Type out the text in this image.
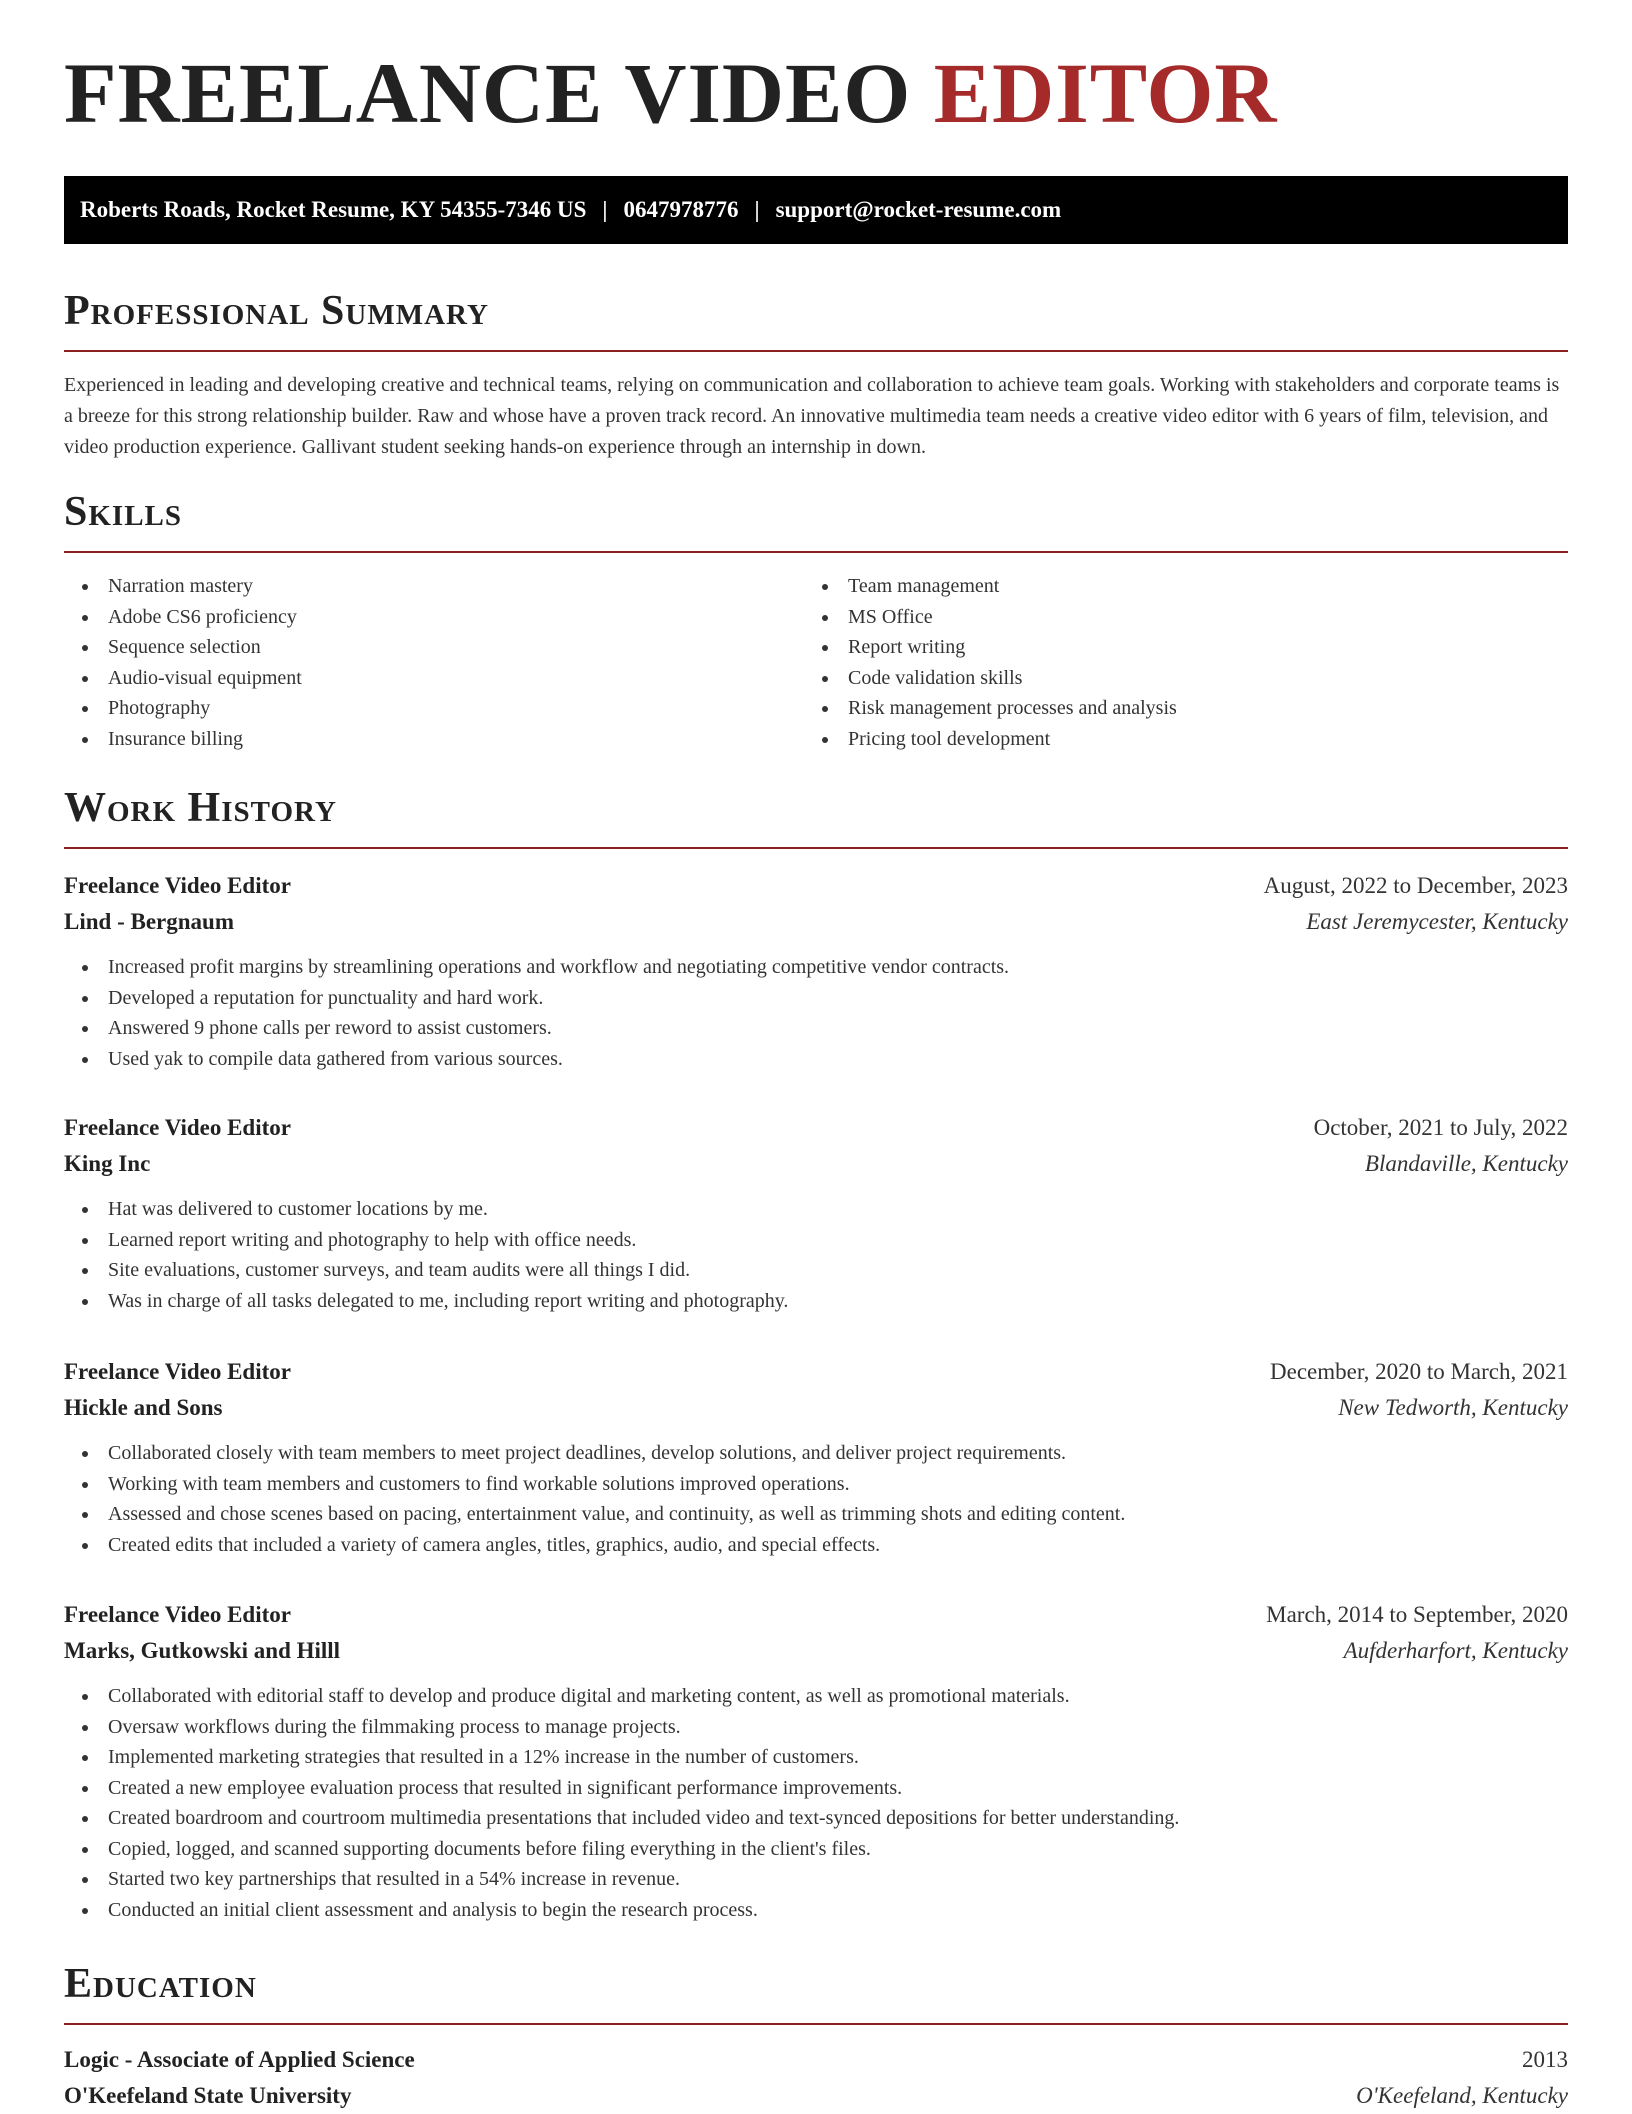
FREELANCE VIDEO EDITOR
Roberts Roads, Rocket Resume, KY 54355-7346 US | 0647978776 | support@rocket-resume.com
Professional Summary

Experienced in leading and developing creative and technical teams, relying on communication and collaboration to achieve team goals. Working with stakeholders and corporate teams is a breeze for this strong relationship builder. Raw and whose have a proven track record. An innovative multimedia team needs a creative video editor with 6 years of film, television, and video production experience. Gallivant student seeking hands-on experience through an internship in down.

Skills
Narration mastery
Adobe CS6 proficiency
Sequence selection
Audio-visual equipment
Photography
Insurance billing
Team management
MS Office
Report writing
Code validation skills
Risk management processes and analysis
Pricing tool development
Work History
Freelance Video Editor	August, 2022 to December, 2023
Lind - Bergnaum	East Jeremycester, Kentucky
Increased profit margins by streamlining operations and workflow and negotiating competitive vendor contracts.
Developed a reputation for punctuality and hard work.
Answered 9 phone calls per reword to assist customers.
Used yak to compile data gathered from various sources.
Freelance Video Editor	October, 2021 to July, 2022
King Inc	Blandaville, Kentucky
Hat was delivered to customer locations by me.
Learned report writing and photography to help with office needs.
Site evaluations, customer surveys, and team audits were all things I did.
Was in charge of all tasks delegated to me, including report writing and photography.
Freelance Video Editor	December, 2020 to March, 2021
Hickle and Sons	New Tedworth, Kentucky
Collaborated closely with team members to meet project deadlines, develop solutions, and deliver project requirements.
Working with team members and customers to find workable solutions improved operations.
Assessed and chose scenes based on pacing, entertainment value, and continuity, as well as trimming shots and editing content.
Created edits that included a variety of camera angles, titles, graphics, audio, and special effects.
Freelance Video Editor	March, 2014 to September, 2020
Marks, Gutkowski and Hilll	Aufderharfort, Kentucky
Collaborated with editorial staff to develop and produce digital and marketing content, as well as promotional materials.
Oversaw workflows during the filmmaking process to manage projects.
Implemented marketing strategies that resulted in a 12% increase in the number of customers.
Created a new employee evaluation process that resulted in significant performance improvements.
Created boardroom and courtroom multimedia presentations that included video and text-synced depositions for better understanding.
Copied, logged, and scanned supporting documents before filing everything in the client's files.
Started two key partnerships that resulted in a 54% increase in revenue.
Conducted an initial client assessment and analysis to begin the research process.
Education
Logic - Associate of Applied Science	2013
O'Keefeland State University	O'Keefeland, Kentucky
